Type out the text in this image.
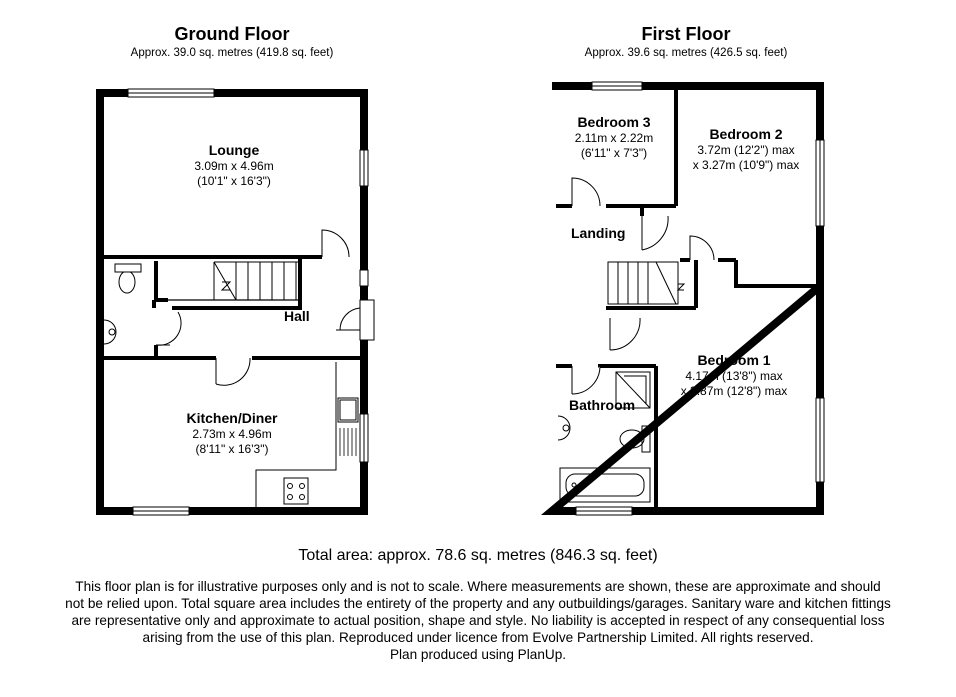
Ground Floor
Approx. 39.0 sq. metres (419.8 sq. feet)
First Floor
Approx. 39.6 sq. metres (426.5 sq. feet)
Lounge
3.09m x 4.96m
(10'1" x 16'3")
Hall
Kitchen/Diner
2.73m x 4.96m
(8'11" x 16'3")
Bedroom 3
2.11m x 2.22m
(6'11" x 7'3")
Bedroom 2
3.72m (12'2") max
x 3.27m (10'9") max
Landing
Bedroom 1
4.17m (13'8") max
x 3.87m (12'8") max
Bathroom
Total area: approx. 78.6 sq. metres (846.3 sq. feet)
This floor plan is for illustrative purposes only and is not to scale. Where measurements are shown, these are approximate and should
not be relied upon. Total square area includes the entirety of the property and any outbuildings/garages. Sanitary ware and kitchen fittings
are representative only and approximate to actual position, shape and style. No liability is accepted in respect of any consequential loss
arising from the use of this plan. Reproduced under licence from Evolve Partnership Limited. All rights reserved.
Plan produced using PlanUp.
